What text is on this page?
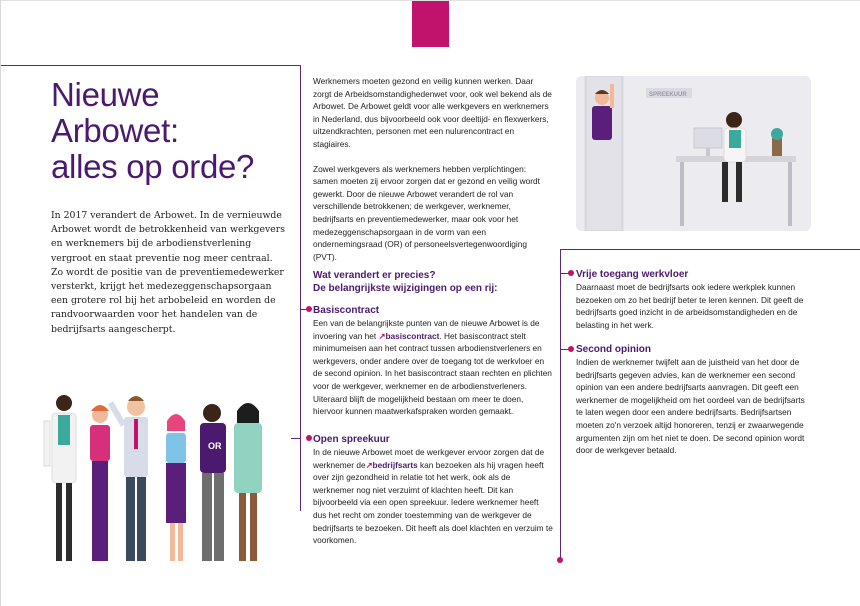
Nieuwe
Arbowet:
alles op orde?

In 2017 verandert de Arbowet. In de vernieuwde Arbowet wordt de betrokkenheid van werkgevers en werknemers bij de arbodienstverlening vergroot en staat preventie nog meer centraal. Zo wordt de positie van de preventiemedewerker versterkt, krijgt het medezeggenschapsorgaan een grotere rol bij het arbobeleid en worden de randvoorwaarden voor het handelen van de bedrijfsarts aangescherpt.

OR

Werknemers moeten gezond en veilig kunnen werken. Daar zorgt de Arbeidsomstandighedenwet voor, ook wel bekend als de Arbowet. De Arbowet geldt voor alle werkgevers en werknemers in Nederland, dus bijvoorbeeld ook voor deeltijd- en flexwerkers, uitzendkrachten, personen met een nulurencontract en stagiaires.

Zowel werkgevers als werknemers hebben verplichtingen: samen moeten zij ervoor zorgen dat er gezond en veilig wordt gewerkt. Door de nieuwe Arbowet verandert de rol van verschillende betrokkenen; de werkgever, werknemer, bedrijfsarts en preventiemedewerker, maar ook voor het medezeggenschapsorgaan in de vorm van een ondernemingsraad (OR) of personeelsvertegenwoordiging (PVT).

Wat verandert er precies?
De belangrijkste wijzigingen op een rij:
Basiscontract

Een van de belangrijkste punten van de nieuwe Arbowet is de invoering van het ↗basiscontract. Het basiscontract stelt minimumeisen aan het contract tussen arbodienstverleners en werkgevers, onder andere over de toegang tot de werkvloer en de second opinion. In het basiscontract staan rechten en plichten voor de werkgever, werknemer en de arbodienstverleners. Uiteraard blijft de mogelijkheid bestaan om meer te doen, hiervoor kunnen maatwerkafspraken worden gemaakt.

Open spreekuur

In de nieuwe Arbowet moet de werkgever ervoor zorgen dat de werknemer de↗bedrijfsarts kan bezoeken als hij vragen heeft over zijn gezondheid in relatie tot het werk, ook als de werknemer nog niet verzuimt of klachten heeft. Dit kan bijvoorbeeld via een open spreekuur. Iedere werknemer heeft dus het recht om zonder toestemming van de werkgever de bedrijfsarts te bezoeken. Dit heeft als doel klachten en verzuim te voorkomen.

SPREEKUUR
Vrije toegang werkvloer

Daarnaast moet de bedrijfsarts ook iedere werkplek kunnen bezoeken om zo het bedrijf beter te leren kennen. Dit geeft de bedrijfsarts goed inzicht in de arbeidsomstandigheden en de belasting in het werk.

Second opinion

Indien de werknemer twijfelt aan de juistheid van het door de bedrijfsarts gegeven advies, kan de werknemer een second opinion van een andere bedrijfsarts aanvragen. Dit geeft een werknemer de mogelijkheid om het oordeel van de bedrijfsarts te laten wegen door een andere bedrijfsarts. Bedrijfsartsen moeten zo'n verzoek altijd honoreren, tenzij er zwaarwegende argumenten zijn om het niet te doen. De second opinion wordt door de werkgever betaald.
